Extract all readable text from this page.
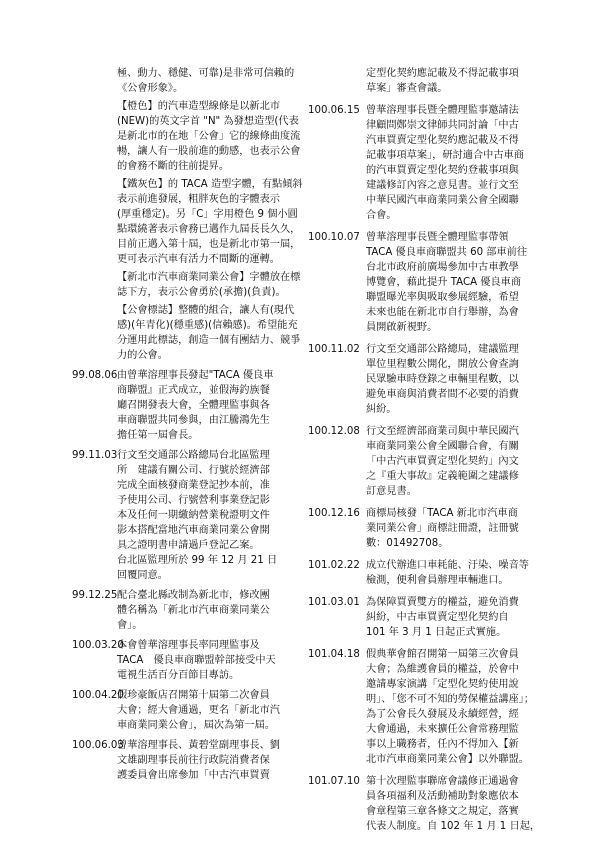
極、動力、穩健、可靠)是非常可信賴的《公會形象》。
【橙色】的汽車造型線條是以新北市(NEW)的英文字首 "N" 為發想造型(代表是新北市的在地「公會」它的線條曲度流暢，讓人有一股前進的動感，也表示公會的會務不斷的往前提昇。
【鐵灰色】的 TACA 造型字體，有點傾斜表示前進發展，粗胖灰色的字體表示　(厚重穩定)。另「C」字用橙色 9 個小圓點環繞著表示會務已邁作九屆長長久久，目前正邁入第十屆，也是新北市第一屆，更可表示汽車有活力不間斷的運轉。
【新北市汽車商業同業公會】字體放在標誌下方，表示公會勇於(承擔)(負責)。
【公會標誌】整體的組合，讓人有(現代感)(年青化)(穩重感)(信賴感)。希望能充分運用此標誌，創造一個有團結力、競爭力的公會。
99.08.06 由曾華溶理事長發起"TACA 優良車
商聯盟』正式成立，並假海釣族餐
廳召開發表大會，全體理監事與各
車商聯盟共同參與，由江騰鴻先生
擔任第一屆會長。
99.11.03 行文至交通部公路總局台北區監理
所　建議有關公司、行號於經濟部
完成全面核發商業登記抄本前，准
予使用公司、行號營利事業登記影
本及任何一期繳納營業稅證明文件
影本搭配當地汽車商業同業公會開
具之證明書申請過戶登記乙案。
台北區監理所於 99 年 12 月 21 日
回覆同意。
99.12.25 配合臺北縣改制為新北市，修改團
體名稱為「新北市汽車商業同業公
會」。
100.03.20
本會曾華溶理事長率同理監事及
TACA　優良車商聯盟幹部接受中天
電視生活百分百節目專訪。
100.04.20
假珍豪飯店召開第十屆第二次會員
大會；經大會通過，更名「新北市汽
車商業同業公會」，屆次為第一屆。
100.06.03
曾華溶理事長、黃碧堂副理事長、劉
文雄副理事長前往行政院消費者保
護委員會出席參加「中古汽車買賣
定型化契約應記載及不得記載事項草案」審查會議。
100.06.15 曾華溶理事長暨全體理監事邀請法
律顧問鄭崇文律師共同討論「中古
汽車買賣定型化契約應記載及不得
記載事項草案」，研討適合中古車商
的汽車買賣定型化契約登載事項與
建議修訂內容之意見書。並行文至
中華民國汽車商業同業公會全國聯
合會。
100.10.07 曾華溶理事長暨全體理監事帶領
TACA 優良車商聯盟共 60 部車前往
台北市政府前廣場參加中古車教學
博覽會，藉此提升 TACA 優良車商
聯盟曝光率與吸取參展經驗，希望
未來也能在新北市自行舉辦，為會
員開啟新視野。
100.11.02 行文至交通部公路總局，建議監理
單位里程數公開化，開放公會查詢
民眾驗車時登錄之車輛里程數，以
避免車商與消費者間不必要的消費
糾紛。
100.12.08 行文至經濟部商業司與中華民國汽
車商業同業公會全國聯合會，有關
「中古汽車買賣定型化契約」內文
之『重大事故』定義範圍之建議修
訂意見書。
100.12.16 商標局核發「TACA 新北市汽車商
業同業公會」商標註冊證，註冊號
數：01492708。
101.02.22 成立代辦進口車耗能、汙染、噪音等
檢測，便利會員辦理車輛進口。
101.03.01 為保障買賣雙方的權益，避免消費
糾紛，中古車買賣定型化契約自
101 年 3 月 1 日起正式實施。
101.04.18 假典華會館召開第一屆第三次會員
大會；為維護會員的權益，於會中
邀請專家演講「定型化契約使用說
明」、「您不可不知的勞保權益講座」；
為了公會長久發展及永續經營，經
大會通過，未來擴任公會常務理監
事以上職務者，任內不得加入【新
北市汽車商業同業公會】以外聯盟。
101.07.10 第十次理監事聯席會議修正通過會
員各項福利及活動補助對象應依本
會章程第三章各條文之規定，落實
代表人制度。自 102 年 1 月 1 日起，
